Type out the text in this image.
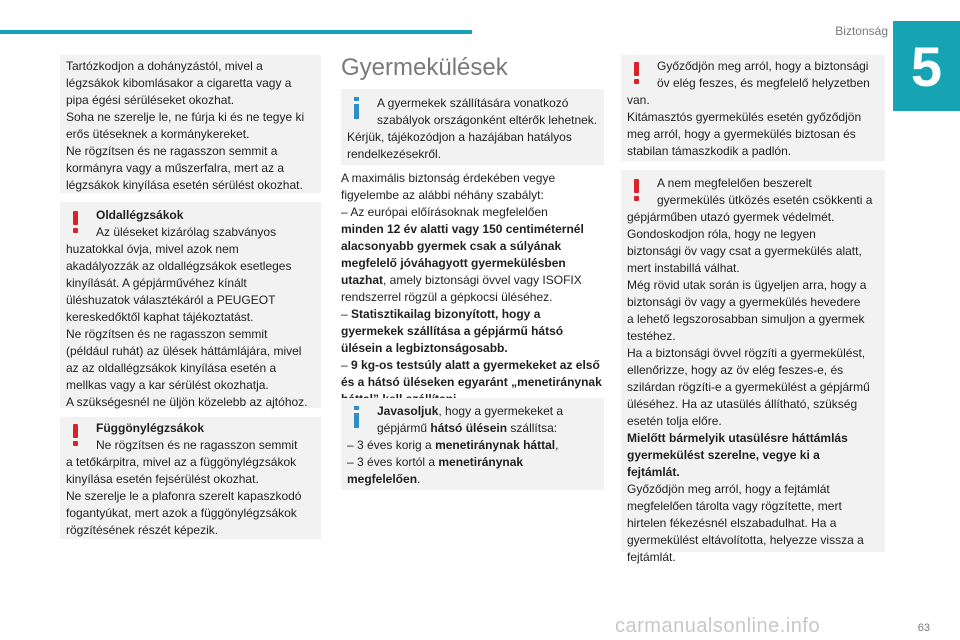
Biztonság
5

Tartózkodjon a dohányzástól, mivel a

légzsákok kibomlásakor a cigaretta vagy a

pipa égési sérüléseket okozhat.

Soha ne szerelje le, ne fúrja ki és ne tegye ki

erős ütéseknek a kormánykereket.

Ne rögzítsen és ne ragasszon semmit a

kormányra vagy a műszerfalra, mert az a

légzsákok kinyílása esetén sérülést okozhat.

Oldallégzsákok

Az üléseket kizárólag szabványos

huzatokkal óvja, mivel azok nem

akadályozzák az oldallégzsákok esetleges

kinyílását. A gépjárművéhez kínált

üléshuzatok választékáról a PEUGEOT

kereskedőktől kaphat tájékoztatást.

Ne rögzítsen és ne ragasszon semmit

(például ruhát) az ülések háttámlájára, mivel

az az oldallégzsákok kinyílása esetén a

mellkas vagy a kar sérülést okozhatja.

A szükségesnél ne üljön közelebb az ajtóhoz.

Függönylégzsákok

Ne rögzítsen és ne ragasszon semmit

a tetőkárpitra, mivel az a függönylégzsákok

kinyílása esetén fejsérülést okozhat.

Ne szerelje le a plafonra szerelt kapaszkodó

fogantyúkat, mert azok a függönylégzsákok

rögzítésének részét képezik.

Gyermekülések

A gyermekek szállítására vonatkozó

szabályok országonként eltérők lehetnek.

Kérjük, tájékozódjon a hazájában hatályos

rendelkezésekről.

A maximális biztonság érdekében vegye

figyelembe az alábbi néhány szabályt:

– Az európai előírásoknak megfelelően

minden 12 év alatti vagy 150 centiméternél

alacsonyabb gyermek csak a súlyának

megfelelő jóváhagyott gyermekülésben

utazhat, amely biztonsági övvel vagy ISOFIX

rendszerrel rögzül a gépkocsi üléséhez.

– Statisztikailag bizonyított, hogy a

gyermekek szállítása a gépjármű hátsó

ülésein a legbiztonságosabb.

– 9 kg-os testsúly alatt a gyermekeket az első

és a hátsó üléseken egyaránt „menetiránynak

Javasoljuk, hogy a gyermekeket a

gépjármű hátsó ülésein szállítsa:

– 3 éves korig a menetiránynak háttal,

– 3 éves kortól a menetiránynak

megfelelően.

Győződjön meg arról, hogy a biztonsági

öv elég feszes, és megfelelő helyzetben

van.

Kitámasztós gyermekülés esetén győződjön

meg arról, hogy a gyermekülés biztosan és

stabilan támaszkodik a padlón.

A nem megfelelően beszerelt

gyermekülés ütközés esetén csökkenti a

gépjárműben utazó gyermek védelmét.

Gondoskodjon róla, hogy ne legyen

biztonsági öv vagy csat a gyermekülés alatt,

mert instabillá válhat.

Még rövid utak során is ügyeljen arra, hogy a

biztonsági öv vagy a gyermekülés hevedere

a lehető legszorosabban simuljon a gyermek

testéhez.

Ha a biztonsági övvel rögzíti a gyermekülést,

ellenőrizze, hogy az öv elég feszes-e, és

szilárdan rögzíti-e a gyermekülést a gépjármű

üléséhez. Ha az utasülés állítható, szükség

esetén tolja előre.

Mielőtt bármelyik utasülésre háttámlás

gyermekülést szerelne, vegye ki a

fejtámlát.

Győződjön meg arról, hogy a fejtámlát

megfelelően tárolta vagy rögzítette, mert

hirtelen fékezésnél elszabadulhat. Ha a

gyermekülést eltávolította, helyezze vissza a

fejtámlát.

carmanualsonline.info	63
